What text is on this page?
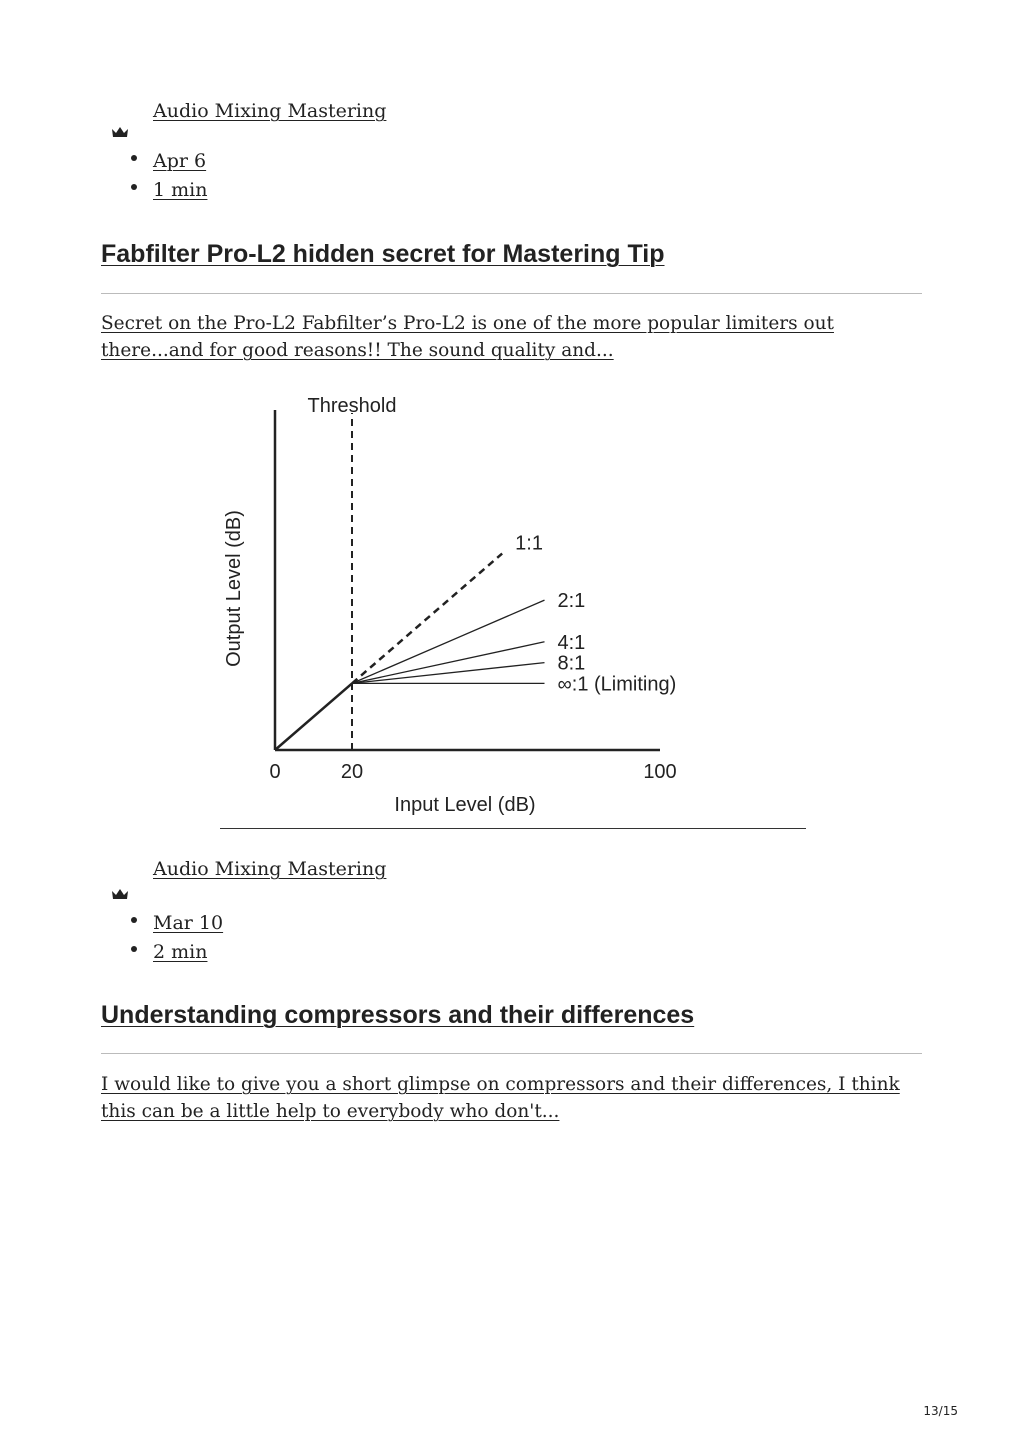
Audio Mixing Mastering
Apr 6
1 min
Fabfilter Pro-L2 hidden secret for Mastering Tip
Secret on the Pro-L2 Fabfilter’s Pro-L2 is one of the more popular limiters out there...and for good reasons!! The sound quality and...
Threshold
1:1
2:1
4:1
8:1
∞:1 (Limiting)
0	20	100
Input Level (dB)
Output Level (dB)
Audio Mixing Mastering
Mar 10
2 min
Understanding compressors and their differences
I would like to give you a short glimpse on compressors and their differences, I think this can be a little help to everybody who don't...
13/15
